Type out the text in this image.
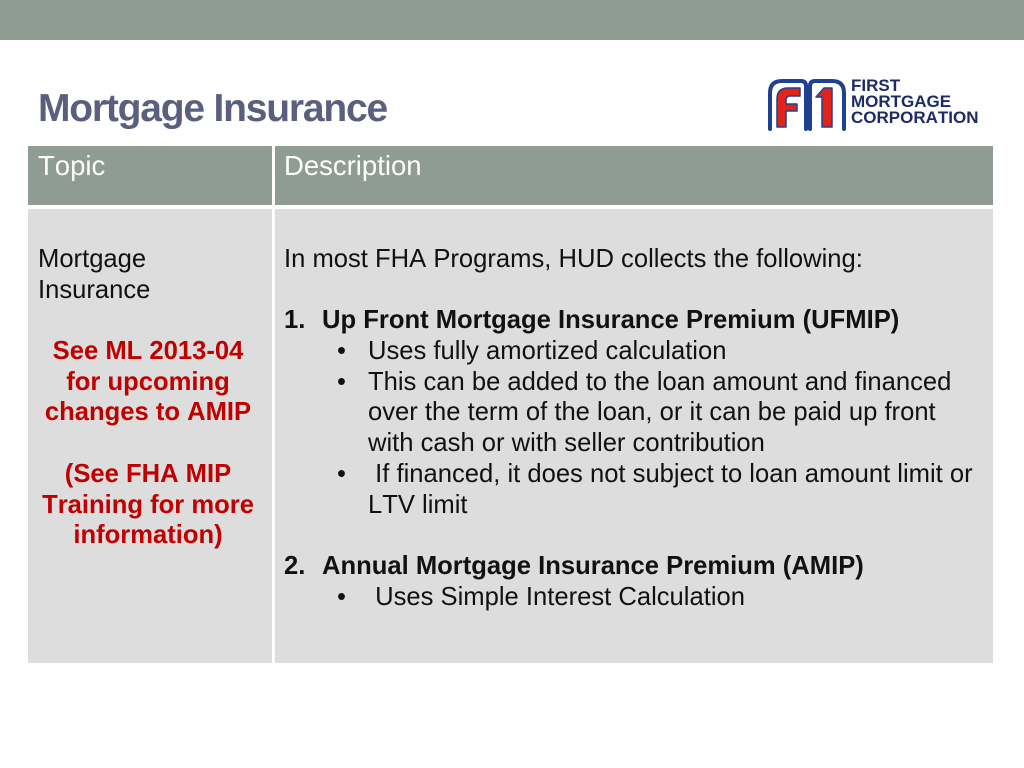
Mortgage Insurance
FIRST
MORTGAGE
CORPORATION
Topic	Description
Mortgage Insurance
See ML 2013-04 for upcoming changes to AMIP
(See FHA MIP Training for more information)
In most FHA Programs, HUD collects the following:
1. Up Front Mortgage Insurance Premium (UFMIP)
• Uses fully amortized calculation
• This can be added to the loan amount and financed over the term of the loan, or it can be paid up front with cash or with seller contribution
•  If financed, it does not subject to loan amount limit or LTV limit
2. Annual Mortgage Insurance Premium (AMIP)
•  Uses Simple Interest Calculation
